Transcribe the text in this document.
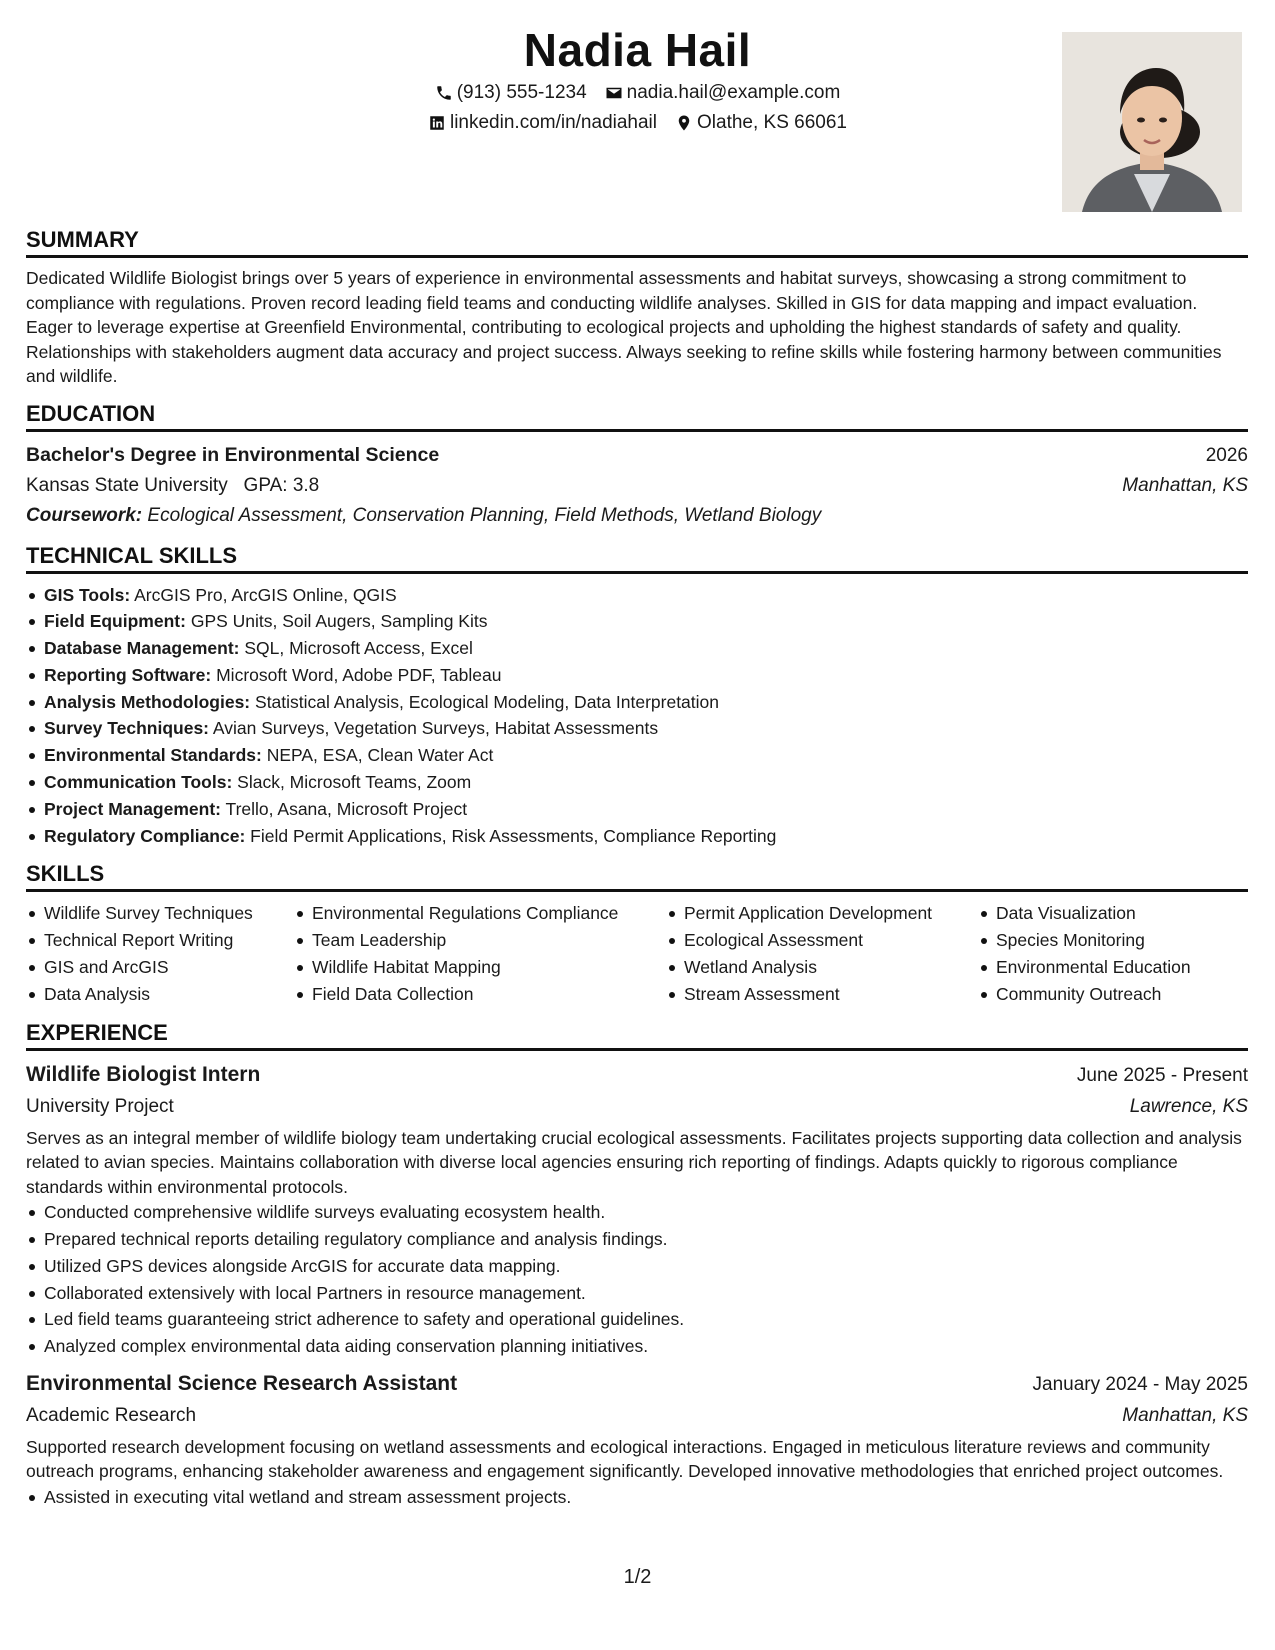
Nadia Hail
(913) 555-1234 nadia.hail@example.com
linkedin.com/in/nadiahail Olathe, KS 66061
SUMMARY
Dedicated Wildlife Biologist brings over 5 years of experience in environmental assessments and habitat surveys, showcasing a strong commitment to compliance with regulations. Proven record leading field teams and conducting wildlife analyses. Skilled in GIS for data mapping and impact evaluation. Eager to leverage expertise at Greenfield Environmental, contributing to ecological projects and upholding the highest standards of safety and quality. Relationships with stakeholders augment data accuracy and project success. Always seeking to refine skills while fostering harmony between communities and wildlife.
EDUCATION
Bachelor's Degree in Environmental Science	2026
Kansas State University GPA: 3.8	Manhattan, KS
Coursework: Ecological Assessment, Conservation Planning, Field Methods, Wetland Biology
TECHNICAL SKILLS
GIS Tools: ArcGIS Pro, ArcGIS Online, QGIS
Field Equipment: GPS Units, Soil Augers, Sampling Kits
Database Management: SQL, Microsoft Access, Excel
Reporting Software: Microsoft Word, Adobe PDF, Tableau
Analysis Methodologies: Statistical Analysis, Ecological Modeling, Data Interpretation
Survey Techniques: Avian Surveys, Vegetation Surveys, Habitat Assessments
Environmental Standards: NEPA, ESA, Clean Water Act
Communication Tools: Slack, Microsoft Teams, Zoom
Project Management: Trello, Asana, Microsoft Project
Regulatory Compliance: Field Permit Applications, Risk Assessments, Compliance Reporting
SKILLS
Wildlife Survey Techniques
Technical Report Writing
GIS and ArcGIS
Data Analysis
Environmental Regulations Compliance
Team Leadership
Wildlife Habitat Mapping
Field Data Collection
Permit Application Development
Ecological Assessment
Wetland Analysis
Stream Assessment
Data Visualization
Species Monitoring
Environmental Education
Community Outreach
EXPERIENCE
Wildlife Biologist Intern	June 2025 - Present
University Project	Lawrence, KS
Serves as an integral member of wildlife biology team undertaking crucial ecological assessments. Facilitates projects supporting data collection and analysis related to avian species. Maintains collaboration with diverse local agencies ensuring rich reporting of findings. Adapts quickly to rigorous compliance standards within environmental protocols.
Conducted comprehensive wildlife surveys evaluating ecosystem health.
Prepared technical reports detailing regulatory compliance and analysis findings.
Utilized GPS devices alongside ArcGIS for accurate data mapping.
Collaborated extensively with local Partners in resource management.
Led field teams guaranteeing strict adherence to safety and operational guidelines.
Analyzed complex environmental data aiding conservation planning initiatives.
Environmental Science Research Assistant	January 2024 - May 2025
Academic Research	Manhattan, KS
Supported research development focusing on wetland assessments and ecological interactions. Engaged in meticulous literature reviews and community outreach programs, enhancing stakeholder awareness and engagement significantly. Developed innovative methodologies that enriched project outcomes.
Assisted in executing vital wetland and stream assessment projects.
1/2
